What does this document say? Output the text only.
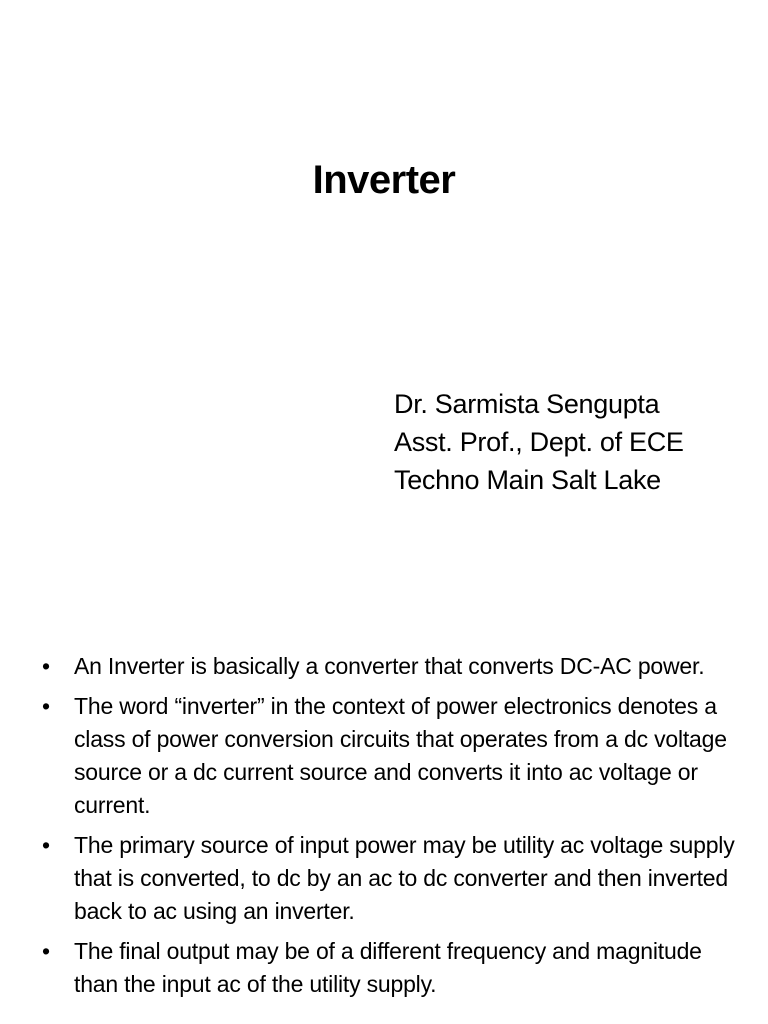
Inverter
Dr. Sarmista Sengupta
Asst. Prof., Dept. of ECE
Techno Main Salt Lake
• An Inverter is basically a converter that converts DC-AC power.
• The word “inverter” in the context of power electronics denotes a class of power conversion circuits that operates from a dc voltage source or a dc current source and converts it into ac voltage or current.
• The primary source of input power may be utility ac voltage supply that is converted, to dc by an ac to dc converter and then inverted back to ac using an inverter.
• The final output may be of a different frequency and magnitude than the input ac of the utility supply.
